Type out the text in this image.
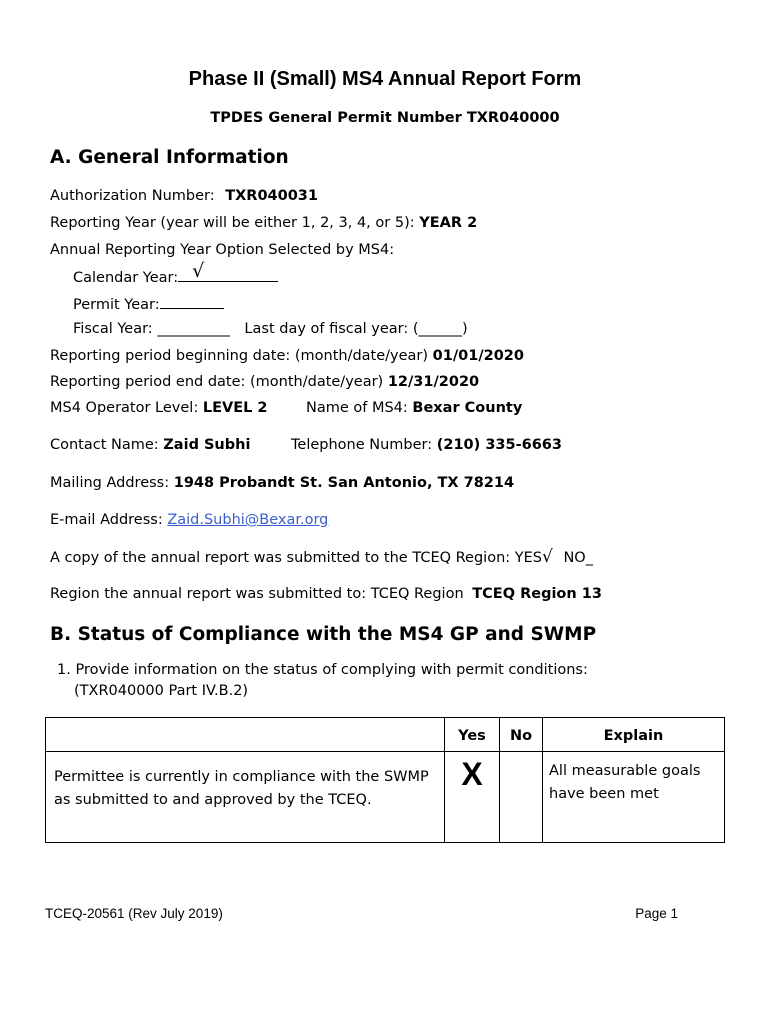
Phase II (Small) MS4 Annual Report Form
TPDES General Permit Number TXR040000
A. General Information
Authorization Number: TXR040031
Reporting Year (year will be either 1, 2, 3, 4, or 5): YEAR 2
Annual Reporting Year Option Selected by MS4:
Calendar Year: √
Permit Year:
Fiscal Year: __________ Last day of fiscal year: (______)
Reporting period beginning date: (month/date/year) 01/01/2020
Reporting period end date: (month/date/year) 12/31/2020
MS4 Operator Level: LEVEL 2	Name of MS4: Bexar County
Contact Name: Zaid Subhi	Telephone Number: (210) 335-6663
Mailing Address: 1948 Probandt St. San Antonio, TX 78214
E-mail Address: Zaid.Subhi@Bexar.org
A copy of the annual report was submitted to the TCEQ Region: YES√ NO_
Region the annual report was submitted to: TCEQ Region TCEQ Region 13
B. Status of Compliance with the MS4 GP and SWMP
1. Provide information on the status of complying with permit conditions:
(TXR040000 Part IV.B.2)
	Yes	No	Explain
Permittee is currently in compliance with the SWMP as submitted to and approved by the TCEQ.	X		All measurable goals have been met
TCEQ-20561 (Rev July 2019)	Page 1
